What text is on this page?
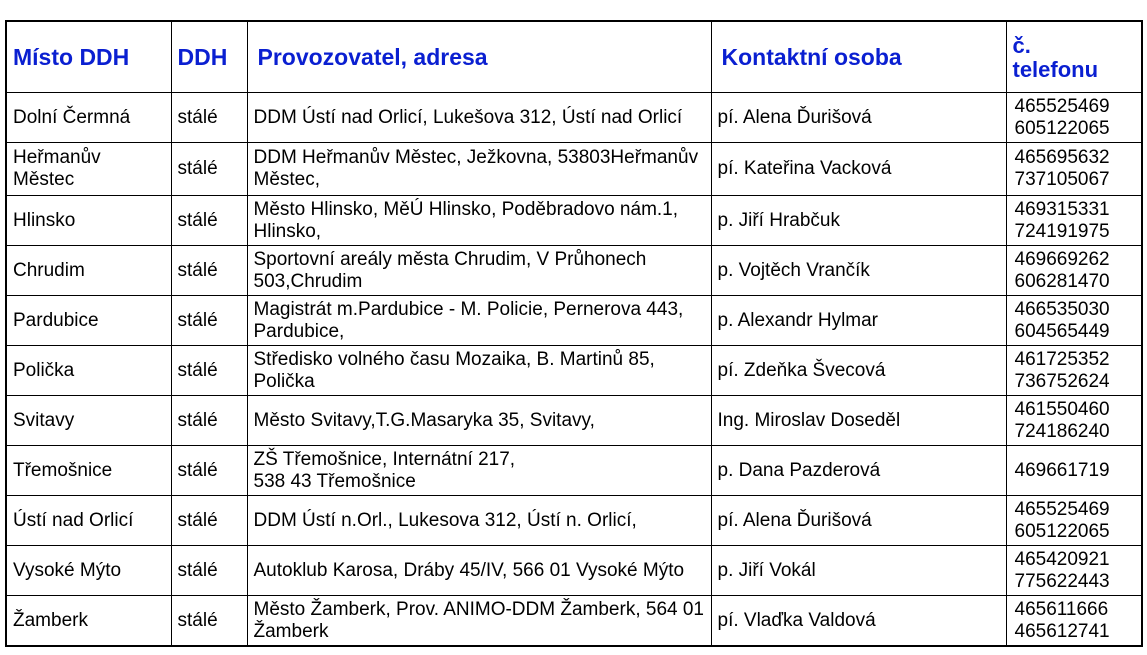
Místo DDH	DDH	Provozovatel, adresa	Kontaktní osoba	č.
telefonu

Dolní Čermná	stálé	DDM Ústí nad Orlicí, Lukešova 312, Ústí nad Orlicí	pí. Alena Ďurišová	465525469
605122065

Heřmanův Městec	stálé	DDM Heřmanův Městec, Ježkovna, 53803Heřmanův Městec,	pí. Kateřina Vacková	465695632
737105067

Hlinsko	stálé	Město Hlinsko, MěÚ Hlinsko, Poděbradovo nám.1, Hlinsko,	p. Jiří Hrabčuk	469315331
724191975

Chrudim	stálé	Sportovní areály města Chrudim, V Průhonech 503,Chrudim	p. Vojtěch Vrančík	469669262
606281470

Pardubice	stálé	Magistrát m.Pardubice - M. Policie, Pernerova 443, Pardubice,	p. Alexandr Hylmar	466535030
604565449

Polička	stálé	Středisko volného času Mozaika, B. Martinů 85, Polička	pí. Zdeňka Švecová	461725352
736752624

Svitavy	stálé	Město Svitavy,T.G.Masaryka 35, Svitavy,	Ing. Miroslav Doseděl	461550460
724186240

Třemošnice	stálé	ZŠ Třemošnice, Internátní 217,
538 43 Třemošnice	p. Dana Pazderová	469661719

Ústí nad Orlicí	stálé	DDM Ústí n.Orl., Lukesova 312, Ústí n. Orlicí,	pí. Alena Ďurišová	465525469
605122065

Vysoké Mýto	stálé	Autoklub Karosa, Dráby 45/IV, 566 01 Vysoké Mýto	p. Jiří Vokál	465420921
775622443

Žamberk	stálé	Město Žamberk, Prov. ANIMO-DDM Žamberk, 564 01 Žamberk	pí. Vlaďka Valdová	465611666
465612741
